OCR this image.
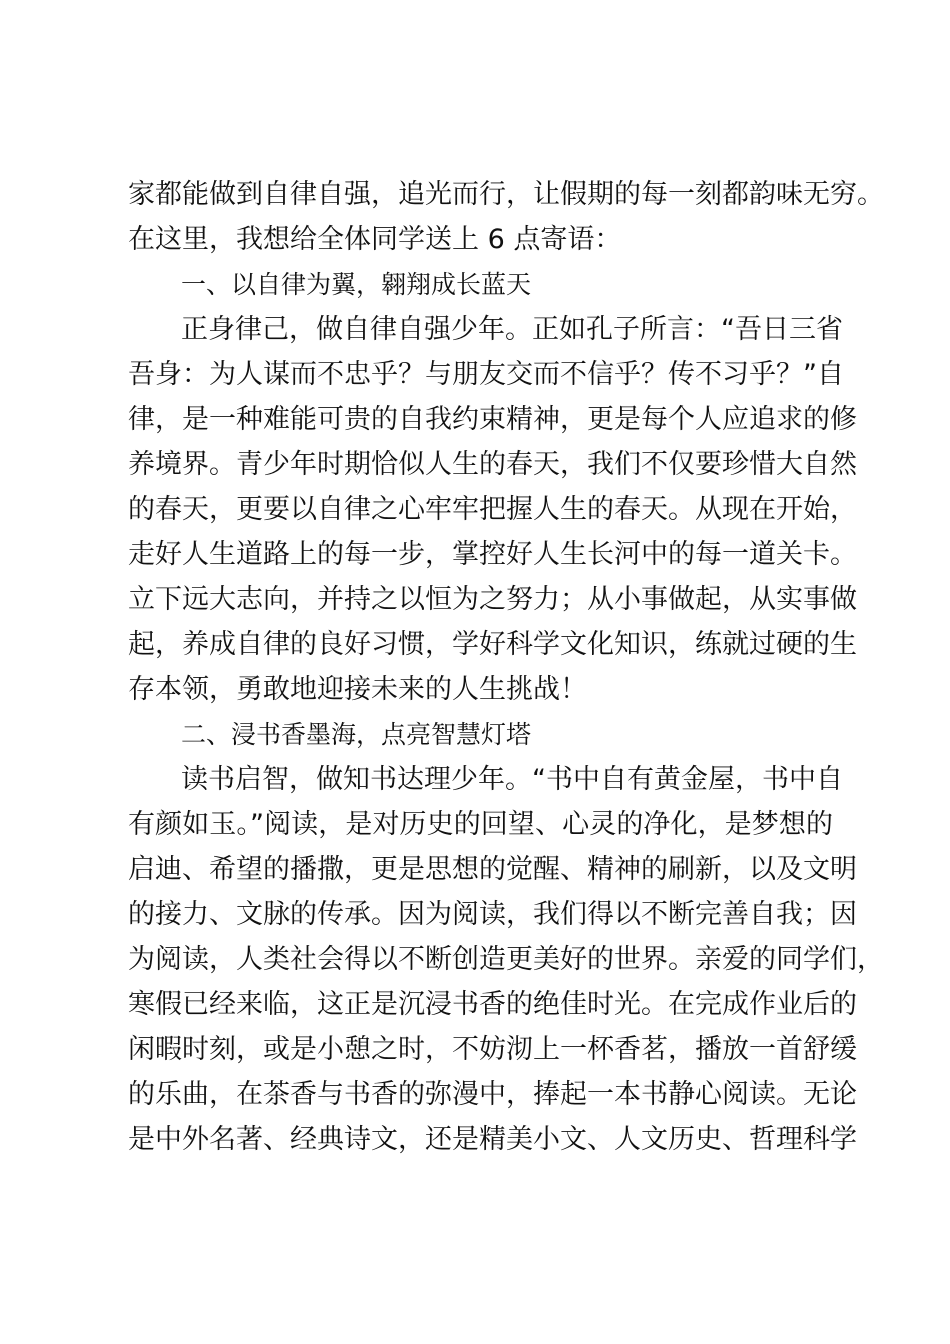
家都能做到自律自强，追光而行，让假期的每一刻都韵味无穷。
在这里，我想给全体同学送上 6 点寄语：
一、以自律为翼，翱翔成长蓝天
正身律己，做自律自强少年。正如孔子所言：“吾日三省
吾身：为人谋而不忠乎？与朋友交而不信乎？传不习乎？”自
律，是一种难能可贵的自我约束精神，更是每个人应追求的修
养境界。青少年时期恰似人生的春天，我们不仅要珍惜大自然
的春天，更要以自律之心牢牢把握人生的春天。从现在开始，
走好人生道路上的每一步，掌控好人生长河中的每一道关卡。
立下远大志向，并持之以恒为之努力；从小事做起，从实事做
起，养成自律的良好习惯，学好科学文化知识，练就过硬的生
存本领，勇敢地迎接未来的人生挑战！
二、浸书香墨海，点亮智慧灯塔
读书启智，做知书达理少年。“书中自有黄金屋，书中自
有颜如玉。”阅读，是对历史的回望、心灵的净化，是梦想的
启迪、希望的播撒，更是思想的觉醒、精神的刷新，以及文明
的接力、文脉的传承。因为阅读，我们得以不断完善自我；因
为阅读，人类社会得以不断创造更美好的世界。亲爱的同学们，
寒假已经来临，这正是沉浸书香的绝佳时光。在完成作业后的
闲暇时刻，或是小憩之时，不妨沏上一杯香茗，播放一首舒缓
的乐曲，在茶香与书香的弥漫中，捧起一本书静心阅读。无论
是中外名著、经典诗文，还是精美小文、人文历史、哲理科学
